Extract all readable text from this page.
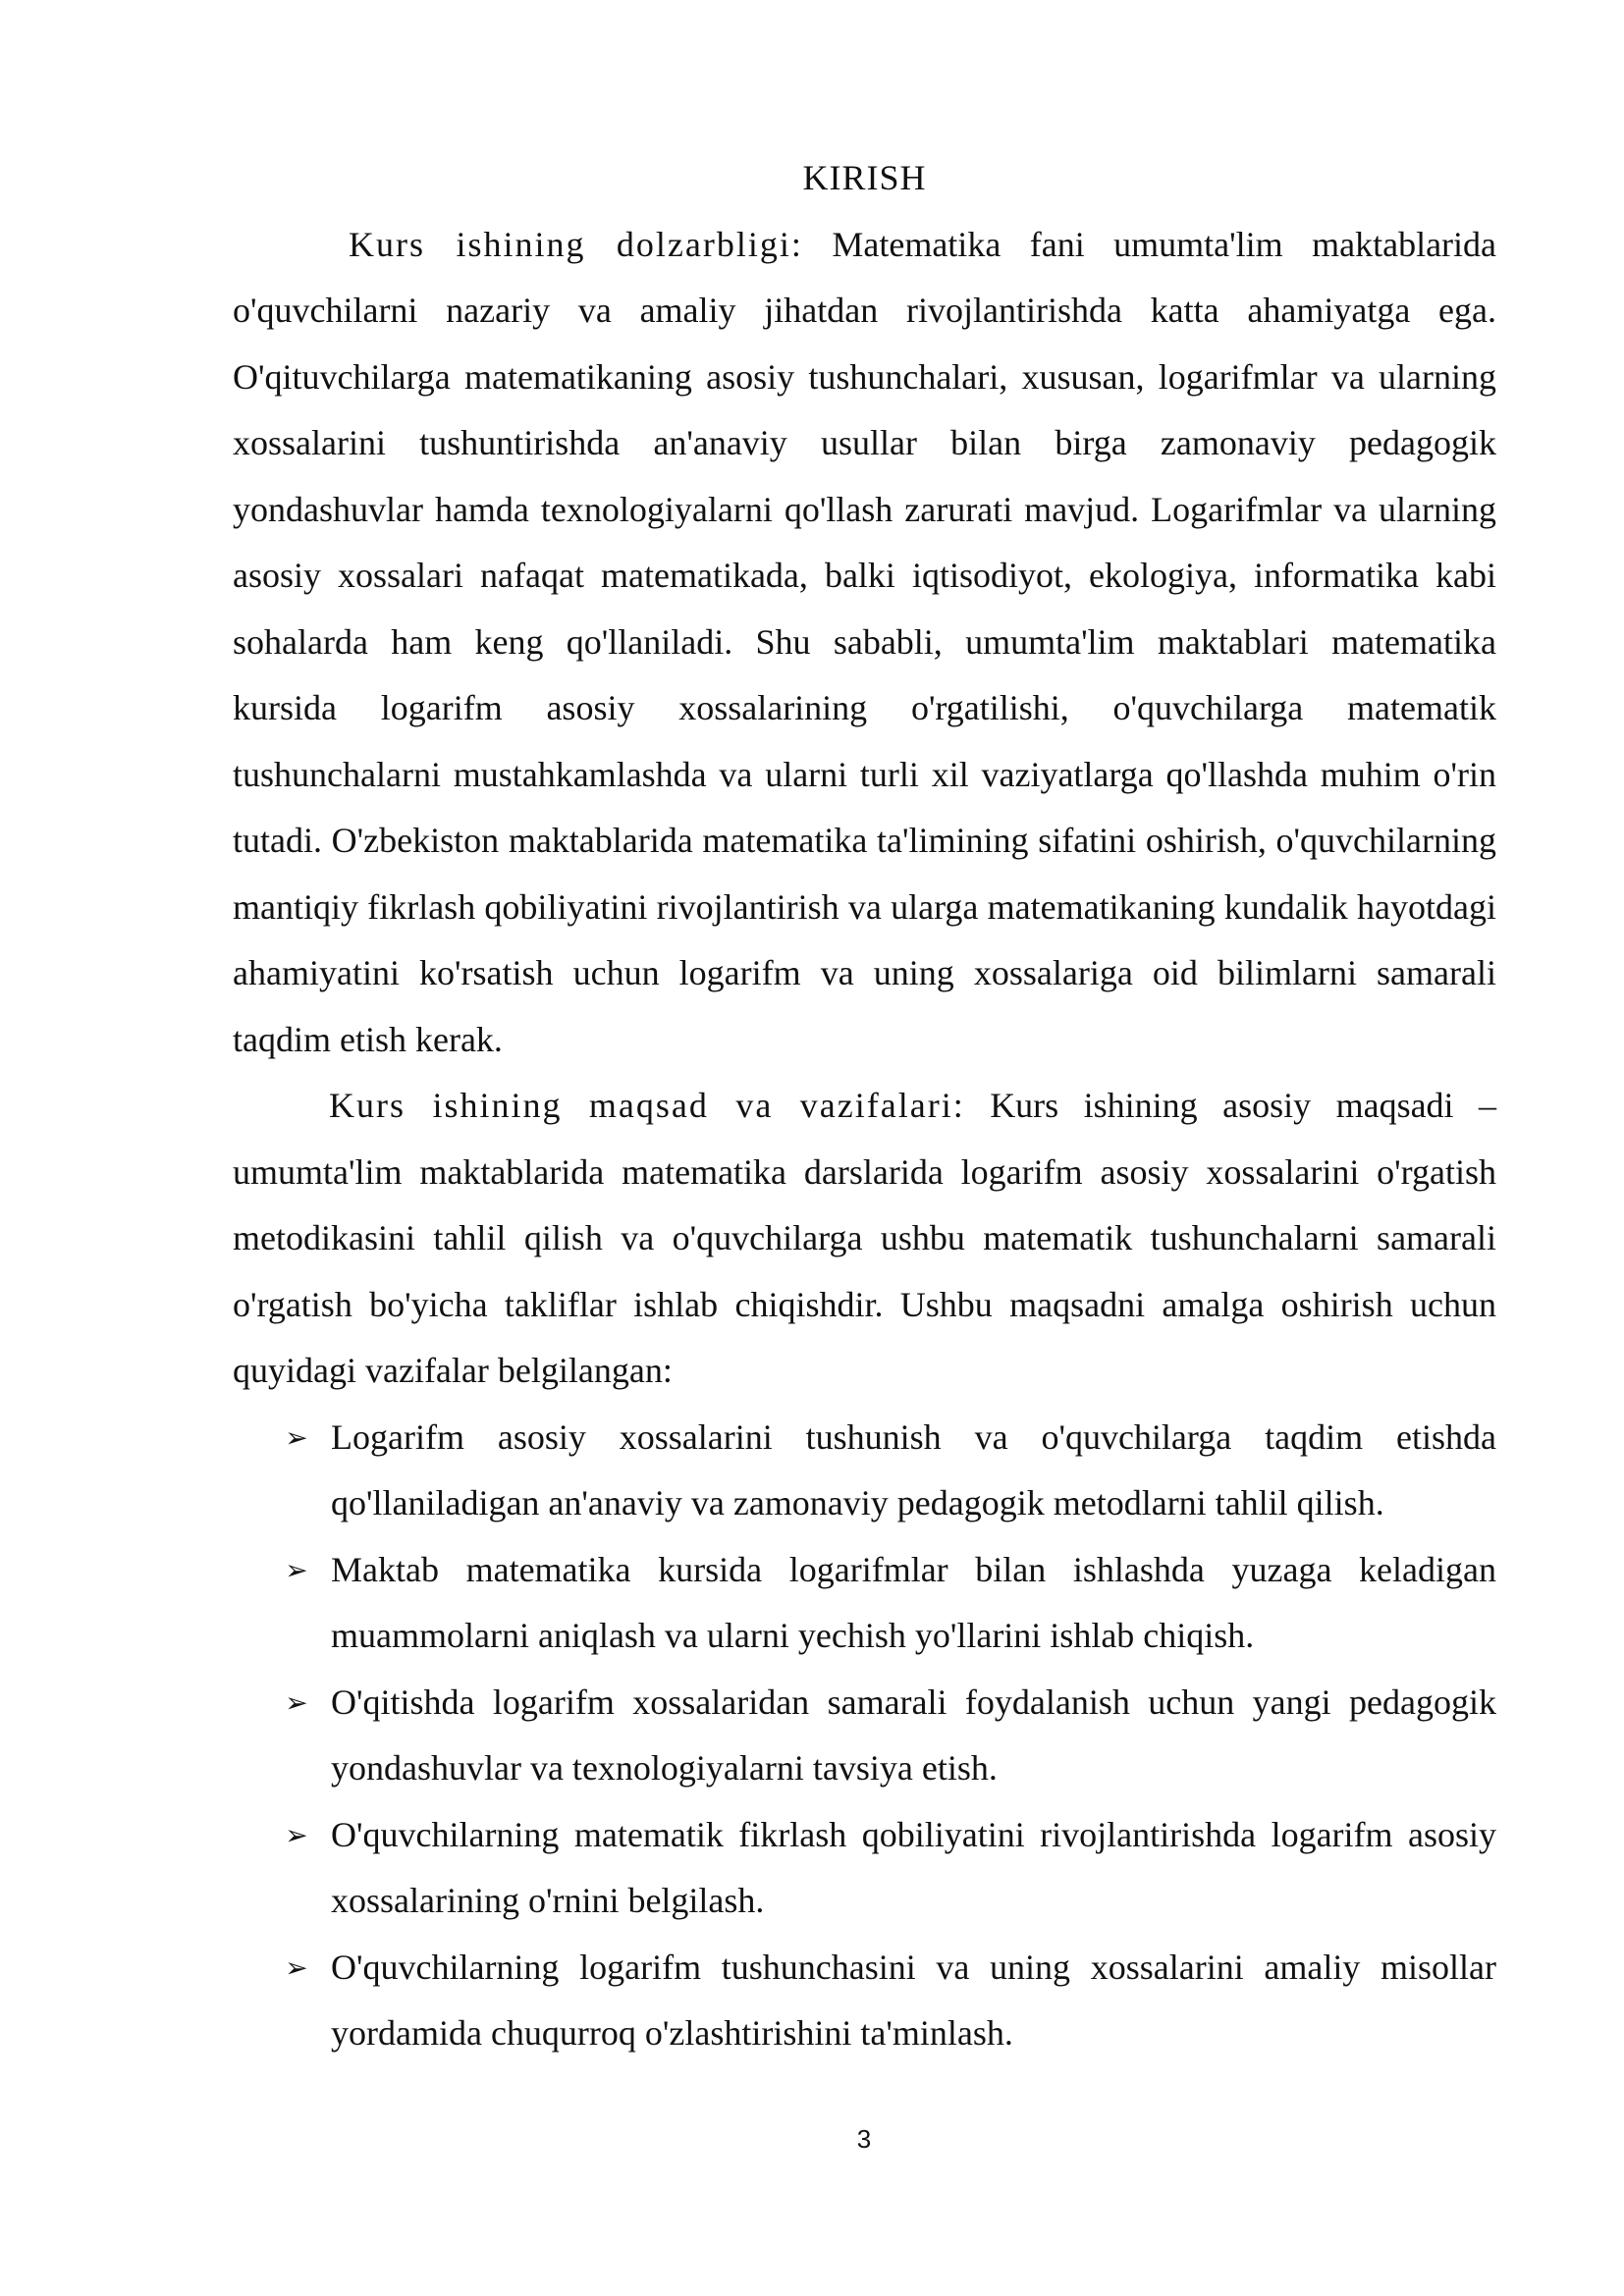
KIRISH

Kurs ishining dolzarbligi: Matematika fani umumta'lim maktablarida o'quvchilarni nazariy va amaliy jihatdan rivojlantirishda katta ahamiyatga ega. O'qituvchilarga matematikaning asosiy tushunchalari, xususan, logarifmlar va ularning xossalarini tushuntirishda an'anaviy usullar bilan birga zamonaviy pedagogik yondashuvlar hamda texnologiyalarni qo'llash zarurati mavjud. Logarifmlar va ularning asosiy xossalari nafaqat matematikada, balki iqtisodiyot, ekologiya, informatika kabi sohalarda ham keng qo'llaniladi. Shu sababli, umumta'lim maktablari matematika kursida logarifm asosiy xossalarining o'rgatilishi, o'quvchilarga matematik tushunchalarni mustahkamlashda va ularni turli xil vaziyatlarga qo'llashda muhim o'rin tutadi. O'zbekiston maktablarida matematika ta'limining sifatini oshirish, o'quvchilarning mantiqiy fikrlash qobiliyatini rivojlantirish va ularga matematikaning kundalik hayotdagi ahamiyatini ko'rsatish uchun logarifm va uning xossalariga oid bilimlarni samarali taqdim etish kerak.

Kurs ishining maqsad va vazifalari: Kurs ishining asosiy maqsadi – umumta'lim maktablarida matematika darslarida logarifm asosiy xossalarini o'rgatish metodikasini tahlil qilish va o'quvchilarga ushbu matematik tushunchalarni samarali o'rgatish bo'yicha takliflar ishlab chiqishdir. Ushbu maqsadni amalga oshirish uchun quyidagi vazifalar belgilangan:

➢ Logarifm asosiy xossalarini tushunish va o'quvchilarga taqdim etishda qo'llaniladigan an'anaviy va zamonaviy pedagogik metodlarni tahlil qilish.
➢ Maktab matematika kursida logarifmlar bilan ishlashda yuzaga keladigan muammolarni aniqlash va ularni yechish yo'llarini ishlab chiqish.
➢ O'qitishda logarifm xossalaridan samarali foydalanish uchun yangi pedagogik yondashuvlar va texnologiyalarni tavsiya etish.
➢ O'quvchilarning matematik fikrlash qobiliyatini rivojlantirishda logarifm asosiy xossalarining o'rnini belgilash.
➢ O'quvchilarning logarifm tushunchasini va uning xossalarini amaliy misollar yordamida chuqurroq o'zlashtirishini ta'minlash.
3
